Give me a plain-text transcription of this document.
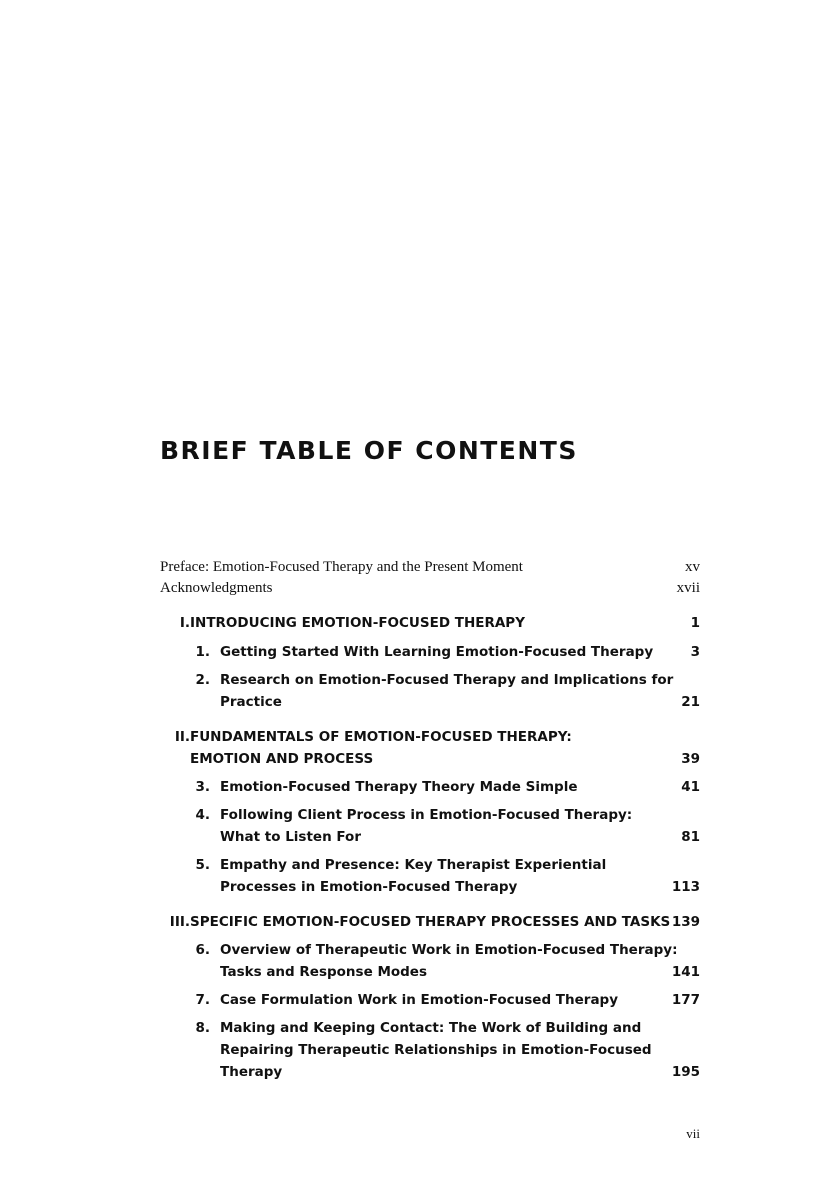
BRIEF TABLE OF CONTENTS
Preface: Emotion-Focused Therapy and the Present Moment	xv
Acknowledgments	xvii
I. INTRODUCING EMOTION-FOCUSED THERAPY	1
1. Getting Started With Learning Emotion-Focused Therapy	3
2. Research on Emotion-Focused Therapy and Implications for
Practice	21
II. FUNDAMENTALS OF EMOTION-FOCUSED THERAPY:
EMOTION AND PROCESS	39
3. Emotion-Focused Therapy Theory Made Simple	41
4. Following Client Process in Emotion-Focused Therapy:
What to Listen For	81
5. Empathy and Presence: Key Therapist Experiential
Processes in Emotion-Focused Therapy	113
III. SPECIFIC EMOTION-FOCUSED THERAPY PROCESSES AND TASKS 139
6. Overview of Therapeutic Work in Emotion-Focused Therapy:
Tasks and Response Modes	141
7. Case Formulation Work in Emotion-Focused Therapy	177
8. Making and Keeping Contact: The Work of Building and
Repairing Therapeutic Relationships in Emotion-Focused
Therapy	195
vii
